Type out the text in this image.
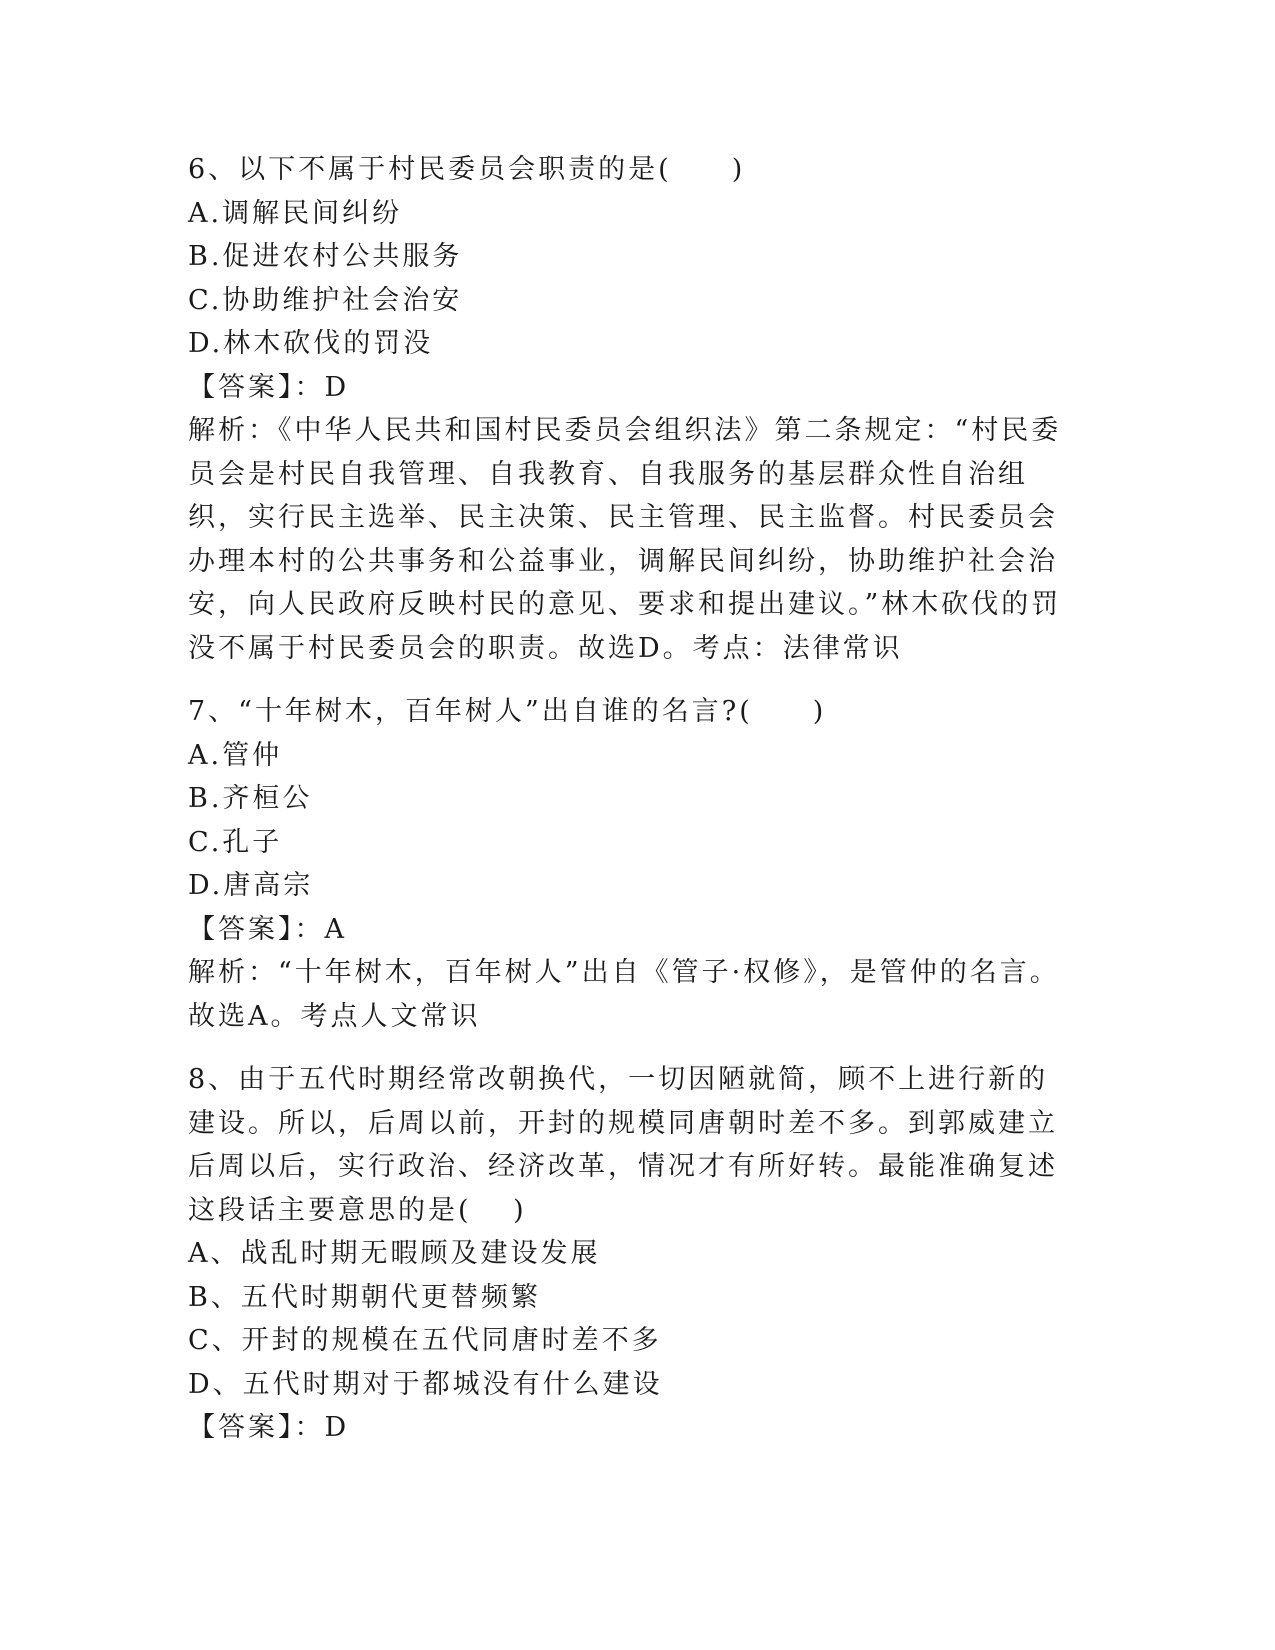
6、以下不属于村民委员会职责的是(　　)
A.调解民间纠纷
B.促进农村公共服务
C.协助维护社会治安
D.林木砍伐的罚没
【答案】：D
解析：《中华人民共和国村民委员会组织法》第二条规定：“村民委员会是村民自我管理、自我教育、自我服务的基层群众性自治组织，实行民主选举、民主决策、民主管理、民主监督。村民委员会办理本村的公共事务和公益事业，调解民间纠纷，协助维护社会治安，向人民政府反映村民的意见、要求和提出建议。”林木砍伐的罚没不属于村民委员会的职责。故选D。考点：法律常识
7、“十年树木，百年树人”出自谁的名言?(　　)
A.管仲
B.齐桓公
C.孔子
D.唐高宗
【答案】：A
解析：“十年树木，百年树人”出自《管子·权修》，是管仲的名言。故选A。考点人文常识
8、由于五代时期经常改朝换代，一切因陋就简，顾不上进行新的建设。所以，后周以前，开封的规模同唐朝时差不多。到郭威建立后周以后，实行政治、经济改革，情况才有所好转。最能准确复述这段话主要意思的是(　 )
A、战乱时期无暇顾及建设发展
B、五代时期朝代更替频繁
C、开封的规模在五代同唐时差不多
D、五代时期对于都城没有什么建设
【答案】：D
